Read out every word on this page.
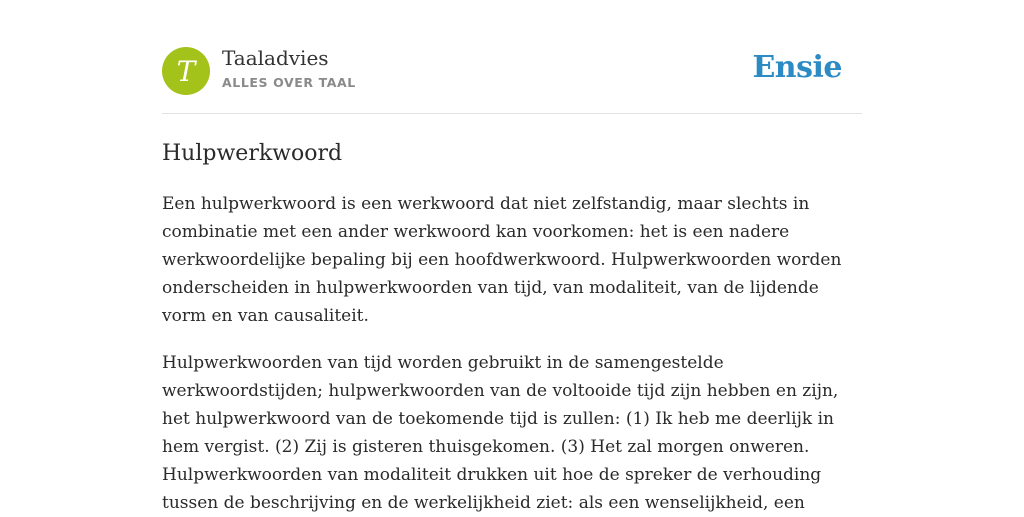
T Taaladvies
ALLES OVER TAAL	Ensie
Hulpwerkwoord

Een hulpwerkwoord is een werkwoord dat niet zelfstandig, maar slechts in combinatie met een ander werkwoord kan voorkomen: het is een nadere werkwoordelijke bepaling bij een hoofdwerkwoord. Hulpwerkwoorden worden onderscheiden in hulpwerkwoorden van tijd, van modaliteit, van de lijdende vorm en van causaliteit.

Hulpwerkwoorden van tijd worden gebruikt in de samengestelde werkwoordstijden; hulpwerkwoorden van de voltooide tijd zijn hebben en zijn, het hulpwerkwoord van de toekomende tijd is zullen: (1) Ik heb me deerlijk in hem vergist. (2) Zij is gisteren thuisgekomen. (3) Het zal morgen onweren. Hulpwerkwoorden van modaliteit drukken uit hoe de spreker de verhouding tussen de beschrijving en de werkelijkheid ziet: als een wenselijkheid, een
